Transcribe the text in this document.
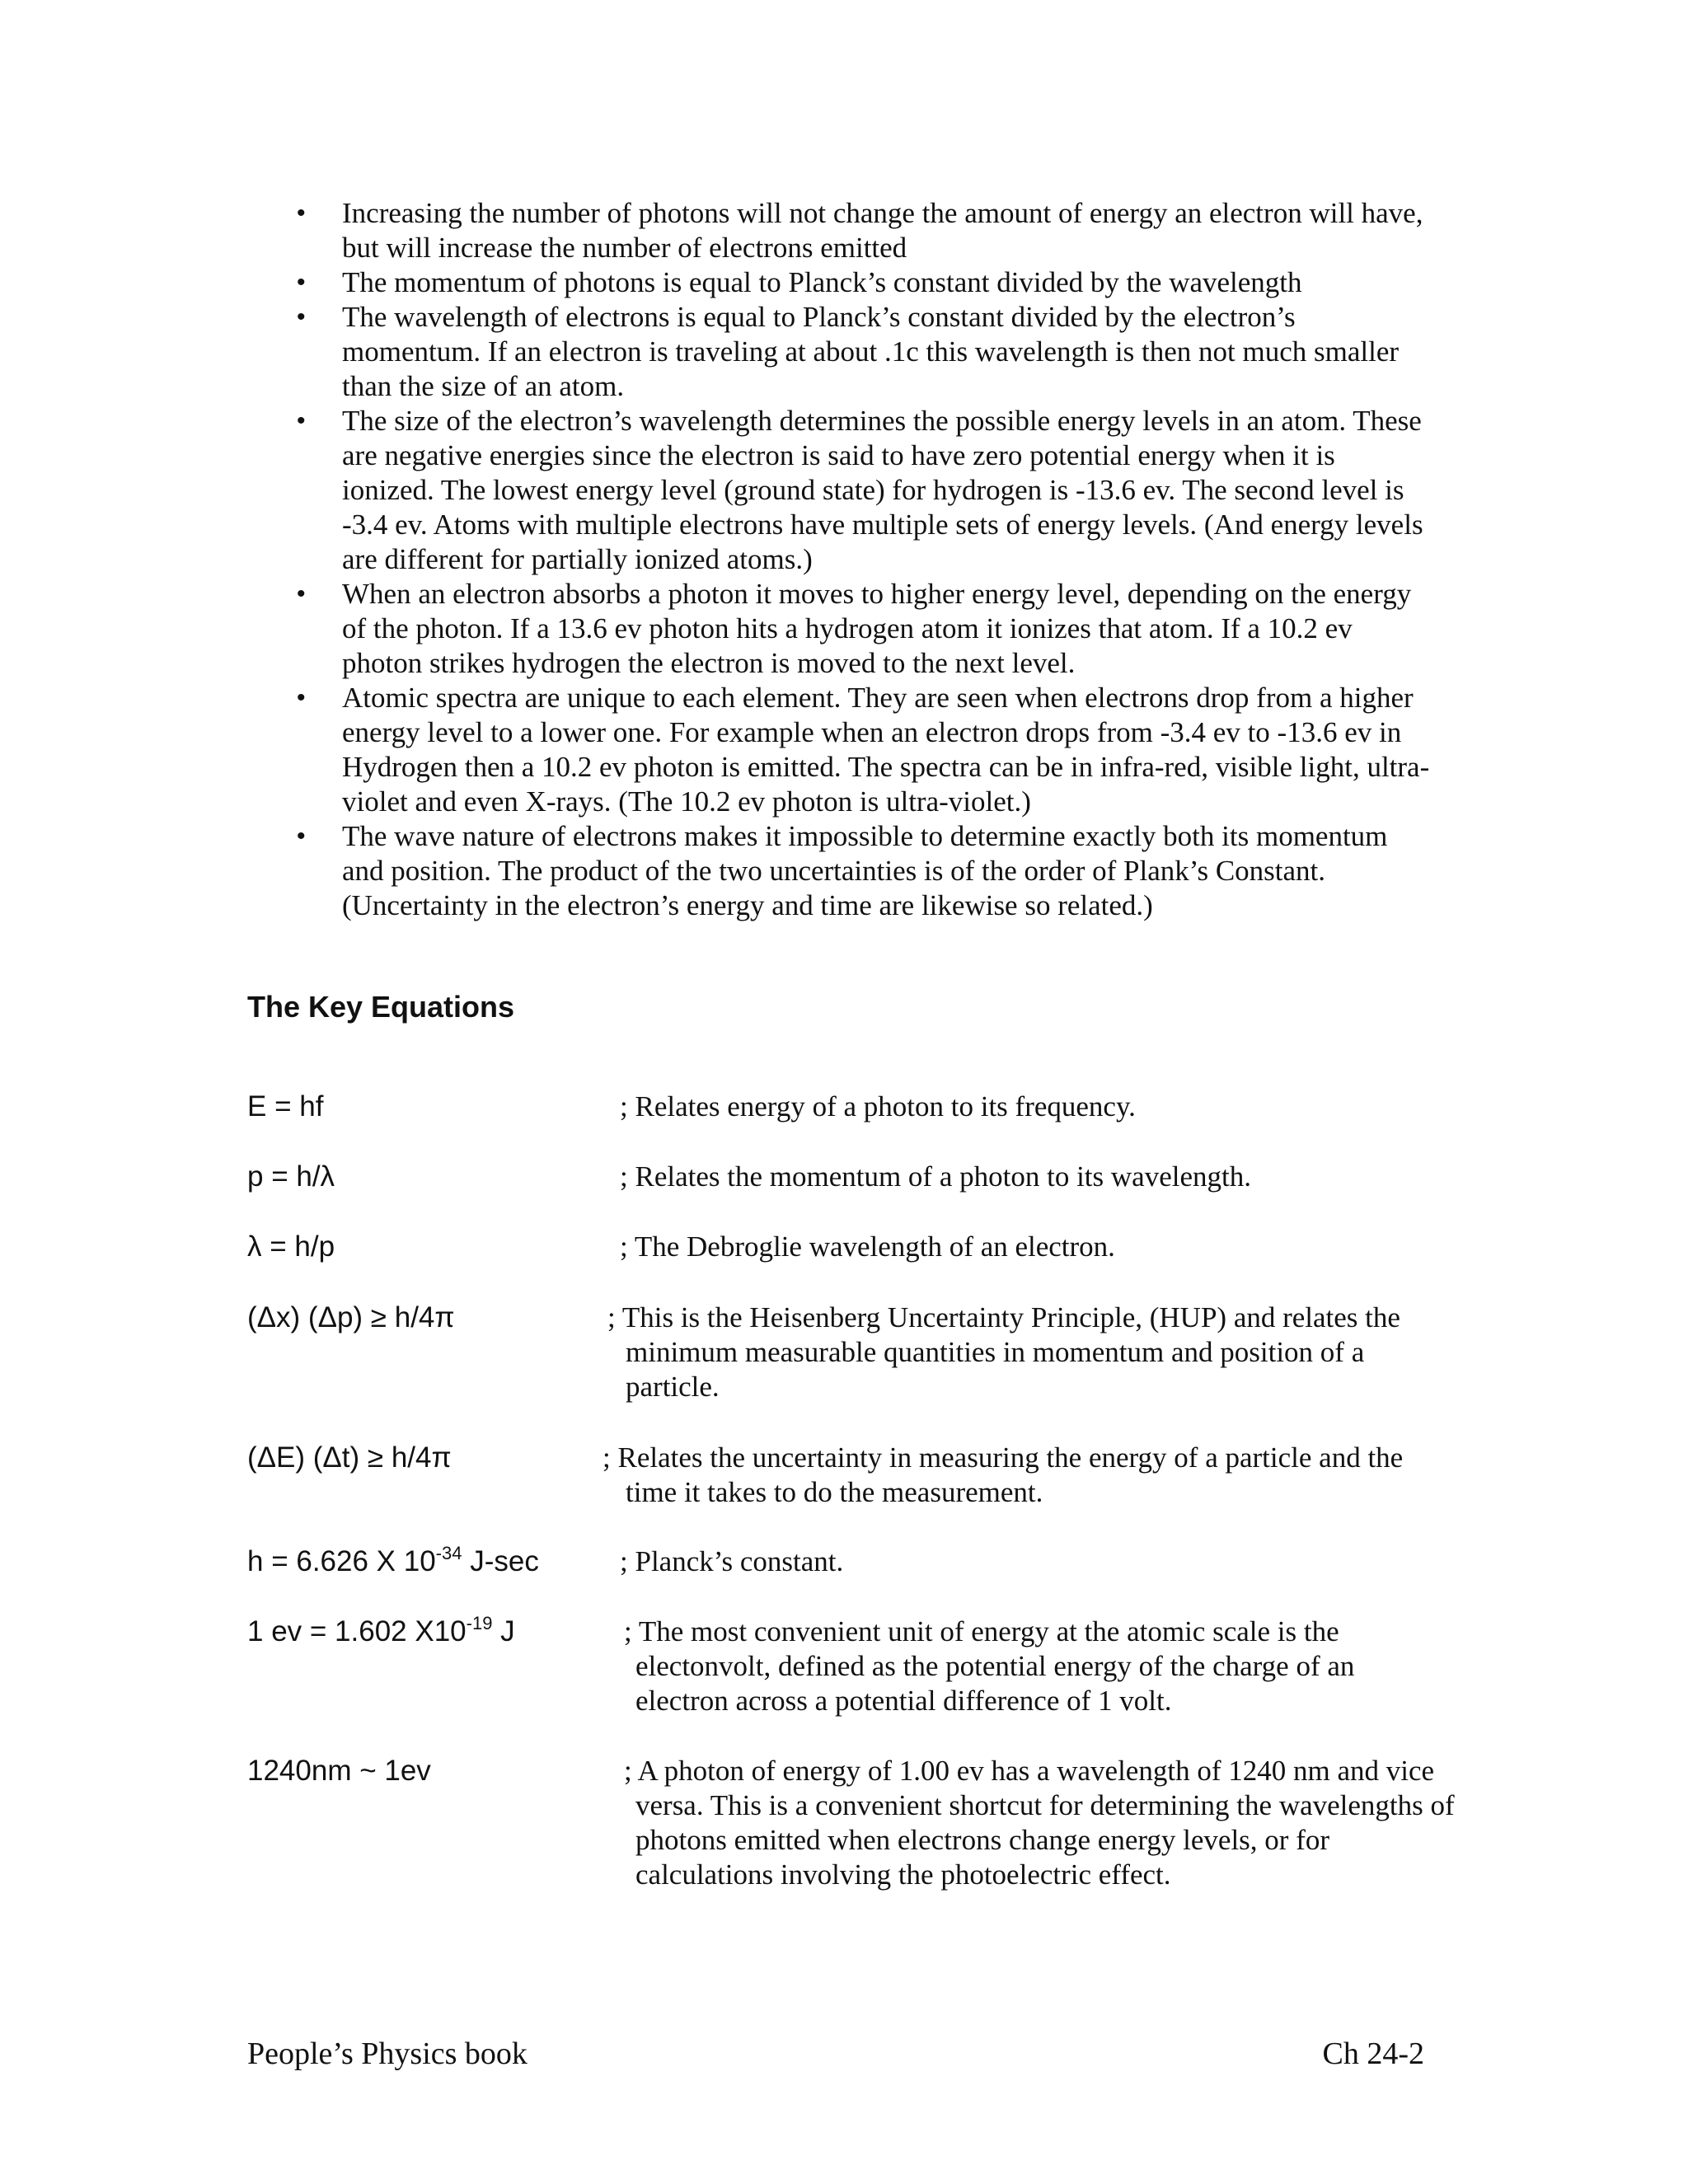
•	Increasing the number of photons will not change the amount of energy an electron will have, but will increase the number of electrons emitted
•	The momentum of photons is equal to Planck’s constant divided by the wavelength
•	The wavelength of electrons is equal to Planck’s constant divided by the electron’s momentum. If an electron is traveling at about .1c this wavelength is then not much smaller than the size of an atom.
•	The size of the electron’s wavelength determines the possible energy levels in an atom. These are negative energies since the electron is said to have zero potential energy when it is ionized. The lowest energy level (ground state) for hydrogen is -13.6 ev. The second level is -3.4 ev. Atoms with multiple electrons have multiple sets of energy levels. (And energy levels are different for partially ionized atoms.)
•	When an electron absorbs a photon it moves to higher energy level, depending on the energy of the photon. If a 13.6 ev photon hits a hydrogen atom it ionizes that atom. If a 10.2 ev photon strikes hydrogen the electron is moved to the next level.
•	Atomic spectra are unique to each element. They are seen when electrons drop from a higher energy level to a lower one. For example when an electron drops from -3.4 ev to -13.6 ev in Hydrogen then a 10.2 ev photon is emitted. The spectra can be in infra-red, visible light, ultra-violet and even X-rays. (The 10.2 ev photon is ultra-violet.)
•	The wave nature of electrons makes it impossible to determine exactly both its momentum and position. The product of the two uncertainties is of the order of Plank’s Constant. (Uncertainty in the electron’s energy and time are likewise so related.)
The Key Equations
E = hf	; Relates energy of a photon to its frequency.
p = h/λ	; Relates the momentum of a photon to its wavelength.
λ = h/p	; The Debroglie wavelength of an electron.
(Δx) (Δp) ≥ h/4π	; This is the Heisenberg Uncertainty Principle, (HUP) and relates the minimum measurable quantities in momentum and position of a particle.
(ΔE) (Δt) ≥ h/4π	; Relates the uncertainty in measuring the energy of a particle and the time it takes to do the measurement.
h = 6.626 X $10^{-34}$ J-sec	; Planck’s constant.
1 ev = 1.602 $X10^{-19}$ J	; The most convenient unit of energy at the atomic scale is the electonvolt, defined as the potential energy of the charge of an electron across a potential difference of 1 volt.
1240nm ~ 1ev	; A photon of energy of 1.00 ev has a wavelength of 1240 nm and vice versa. This is a convenient shortcut for determining the wavelengths of photons emitted when electrons change energy levels, or for calculations involving the photoelectric effect.
People’s Physics book	Ch 24-2
